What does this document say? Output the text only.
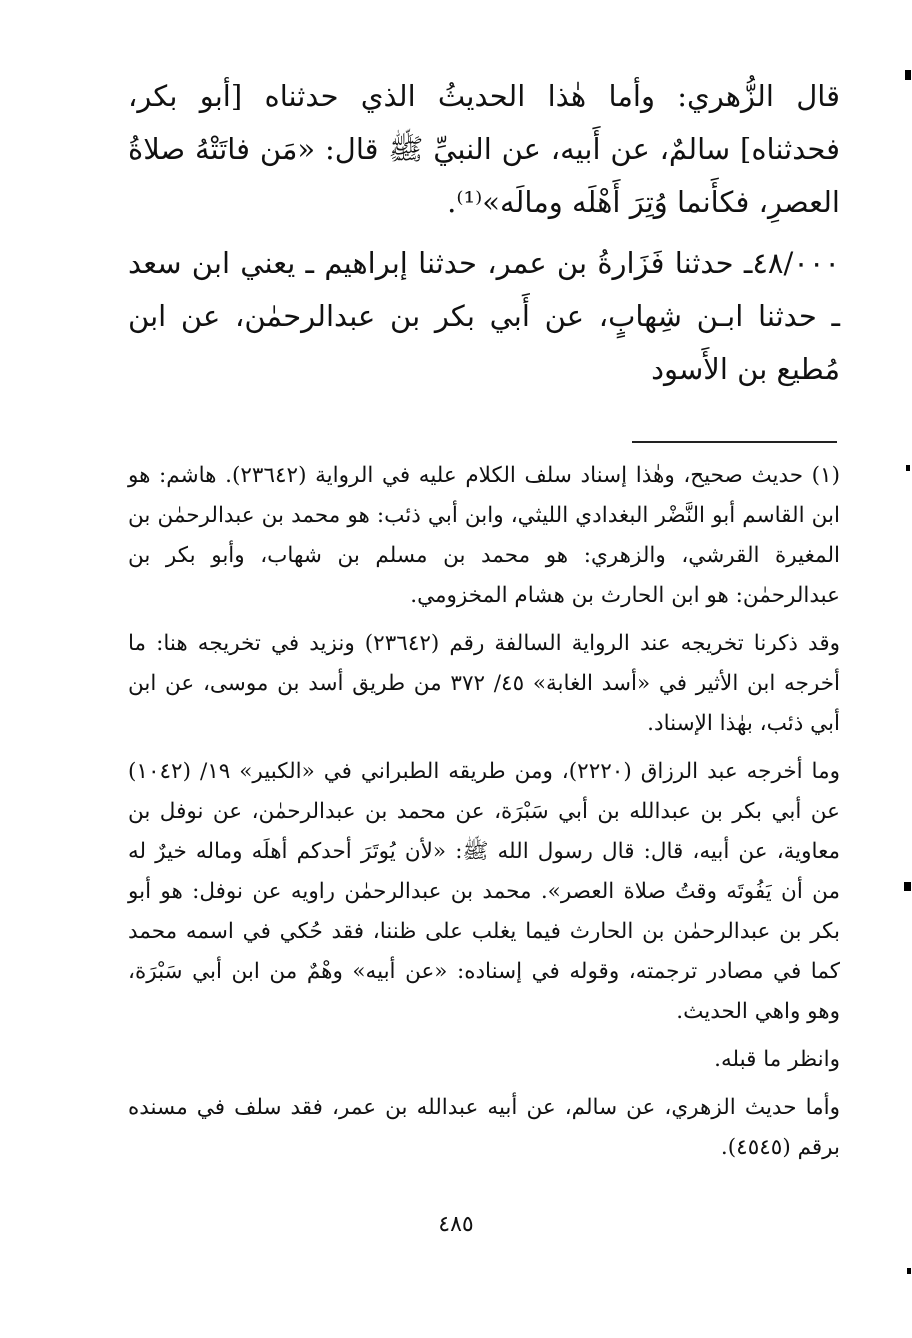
قال الزُّهري: وأما هٰذا الحديثُ الذي حدثناه [أبو بكر، فحدثناه] سالمٌ، عن أَبيه، عن النبيِّ ﷺ قال: «مَن فاتَتْهُ صلاةُ العصرِ، فكأَنما وُتِرَ أَهْلَه ومالَه»⁽¹⁾.

٤٨/٠٠٠ـ حدثنا فَزَارةُ بن عمر، حدثنا إبراهيم ـ يعني ابن سعد ـ حدثنا ابـن شِهابٍ، عن أَبي بكر بن عبدالرحمٰن، عن ابن مُطيع بن الأَسود

(١) حديث صحيح، وهٰذا إسناد سلف الكلام عليه في الرواية (٢٣٦٤٢). هاشم: هو ابن القاسم أبو النَّضْر البغدادي الليثي، وابن أبي ذئب: هو محمد بن عبدالرحمٰن بن المغيرة القرشي، والزهري: هو محمد بن مسلم بن شهاب، وأبو بكر بن عبدالرحمٰن: هو ابن الحارث بن هشام المخزومي.

وقد ذكرنا تخريجه عند الرواية السالفة رقم (٢٣٦٤٢) ونزيد في تخريجه هنا: ما أخرجه ابن الأثير في «أسد الغابة» ٤٥/ ٣٧٢ من طريق أسد بن موسى، عن ابن أبي ذئب، بهٰذا الإسناد.

وما أخرجه عبد الرزاق (٢٢٢٠)، ومن طريقه الطبراني في «الكبير» ١٩/ (١٠٤٢) عن أبي بكر بن عبدالله بن أبي سَبْرَة، عن محمد بن عبدالرحمٰن، عن نوفل بن معاوية، عن أبيه، قال: قال رسول الله ﷺ: «لأن يُوتَرَ أحدكم أهلَه وماله خيرٌ له من أن يَفُوتَه وقتُ صلاة العصر». محمد بن عبدالرحمٰن راويه عن نوفل: هو أبو بكر بن عبدالرحمٰن بن الحارث فيما يغلب على ظننا، فقد حُكي في اسمه محمد كما في مصادر ترجمته، وقوله في إسناده: «عن أبيه» وهْمٌ من ابن أبي سَبْرَة، وهو واهي الحديث.

وانظر ما قبله.

وأما حديث الزهري، عن سالم، عن أبيه عبدالله بن عمر، فقد سلف في مسنده برقم (٤٥٤٥).

٤٨٥
